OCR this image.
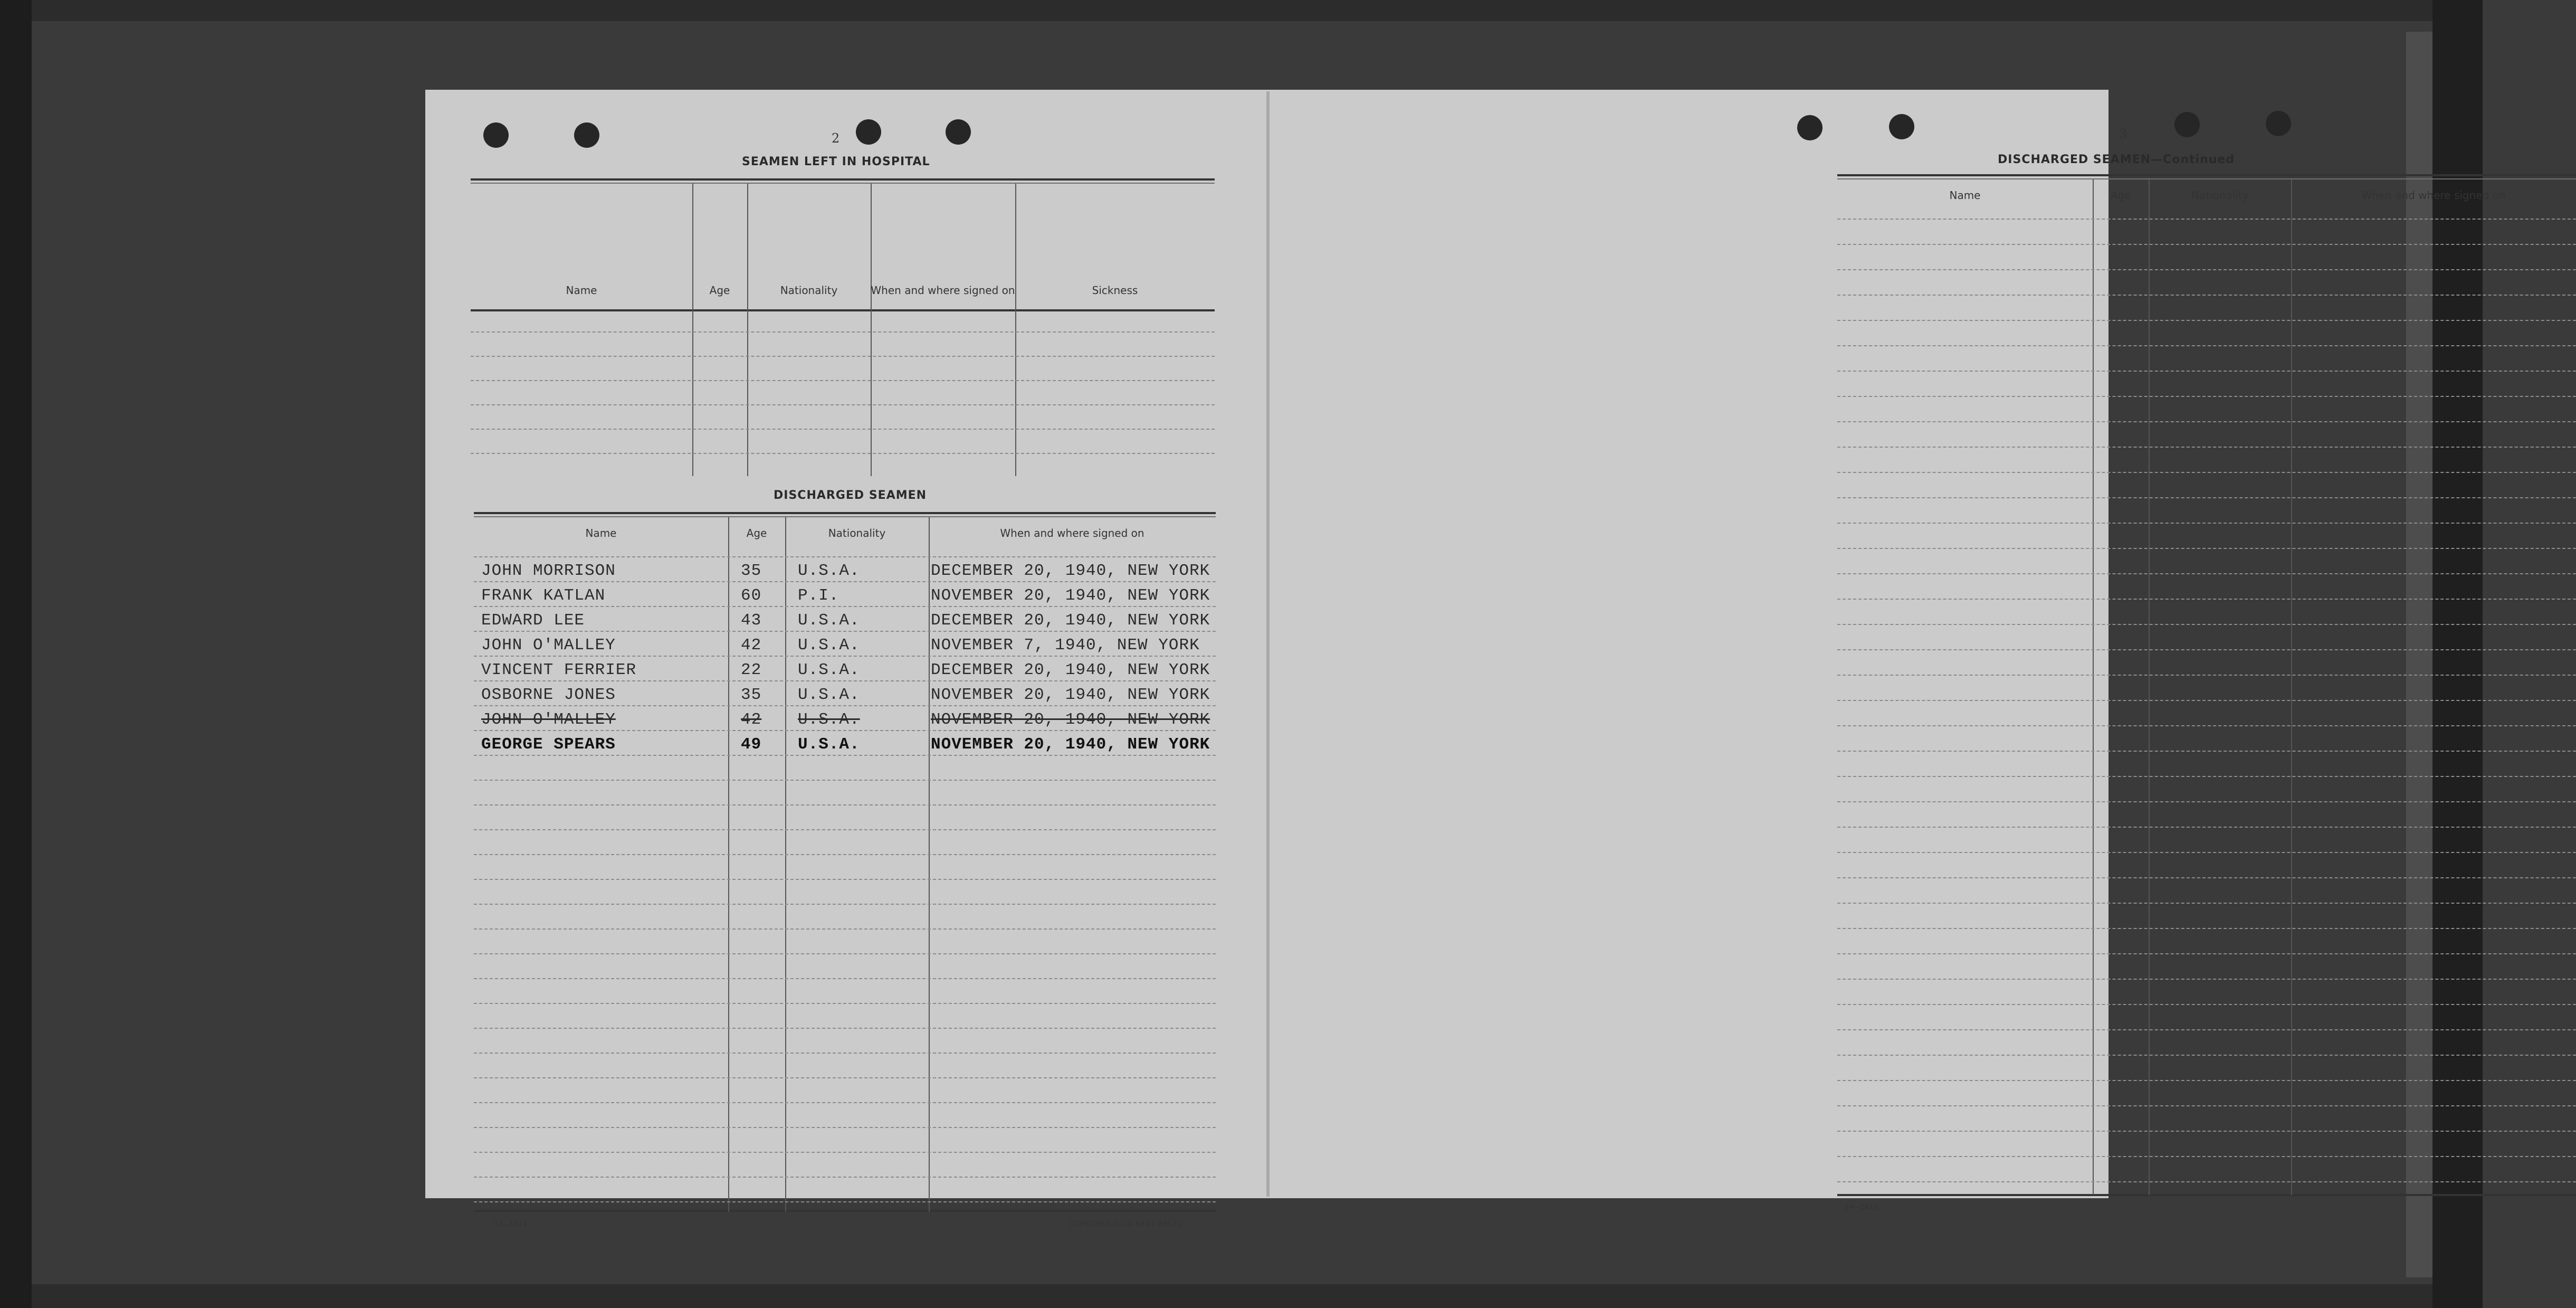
2
SEAMEN LEFT IN HOSPITAL
Name	Age	Nationality	When and where signed on	Sickness
DISCHARGED SEAMEN
Name	Age	Nationality	When and where signed on
JOHN MORRISON	35 U.S.A.	DECEMBER 20, 1940, NEW YORK
FRANK KATLAN	60 P.I.	NOVEMBER 20, 1940, NEW YORK
EDWARD LEE	43 U.S.A.	DECEMBER 20, 1940, NEW YORK
JOHN O'MALLEY	42 U.S.A.	NOVEMBER 7, 1940, NEW YORK
VINCENT FERRIER	22 U.S.A.	DECEMBER 20, 1940, NEW YORK
OSBORNE JONES	35 U.S.A.	NOVEMBER 20, 1940, NEW YORK
JOHN O'MALLEY	42 U.S.A.	NOVEMBER 20, 1940, NEW YORK
GEORGE SPEARS	49 U.S.A.	NOVEMBER 20, 1940, NEW YORK
14—1613	[CONTINUED ON NEXT PAGE]
3
DISCHARGED SEAMEN—Continued
Name	Age	Nationality	When and where signed on
14—1613
